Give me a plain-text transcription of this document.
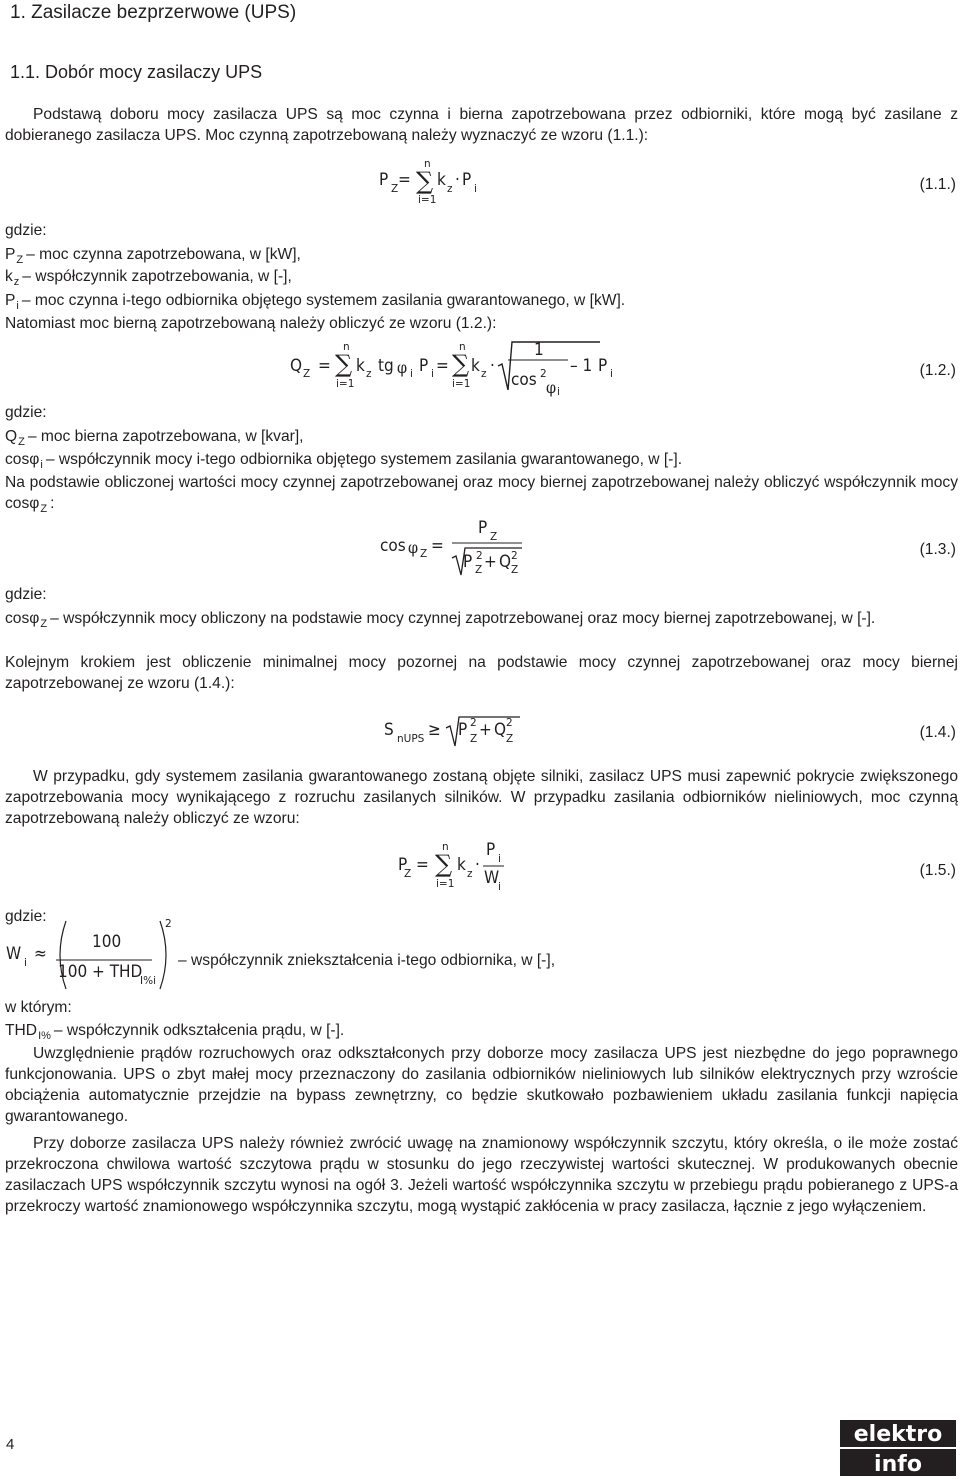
1. Zasilacze bezprzerwowe (UPS)
1.1. Dobór mocy zasilaczy UPS
Podstawą doboru mocy zasilacza UPS są moc czynna i bierna zapotrzebowana przez odbiorniki, które mogą być zasilane z dobieranego zasilacza UPS. Moc czynną zapotrzebowaną należy wyznaczyć ze wzoru (1.1.):
P Z =
n
∑
i=1
k z · P i	(1.1.)
gdzie:
$P_Z$ – moc czynna zapotrzebowana, w [kW],
$k_z$ – współczynnik zapotrzebowania, w [-],
$P_i$ – moc czynna i-tego odbiornika objętego systemem zasilania gwarantowanego, w [kW].
Natomiast moc bierną zapotrzebowaną należy obliczyć ze wzoru (1.2.):
Q Z =
n
∑
i=1
k z tg φ i P i =
n
∑
i=1
k z ·
1
cos 2
φ i
– 1 P i	(1.2.)
gdzie:
$Q_Z$ – moc bierna zapotrzebowana, w [kvar],
cosφ$_i$ – współczynnik mocy i-tego odbiornika objętego systemem zasilania gwarantowanego, w [-].
Na podstawie obliczonej wartości mocy czynnej zapotrzebowanej oraz mocy biernej zapotrzebowanej należy obliczyć współczynnik mocy cosφ$_Z$ :
cos φ Z =
P Z
P 2
Z + Q 2
Z
(1.3.)
gdzie:
cosφ$_Z$ – współczynnik mocy obliczony na podstawie mocy czynnej zapotrzebowanej oraz mocy biernej zapotrzebowanej, w [-].
Kolejnym krokiem jest obliczenie minimalnej mocy pozornej na podstawie mocy czynnej zapotrzebowanej oraz mocy biernej zapotrzebowanej ze wzoru (1.4.):
S nUPS ≥ P 2
Z + Q 2
Z	(1.4.)
W przypadku, gdy systemem zasilania gwarantowanego zostaną objęte silniki, zasilacz UPS musi zapewnić pokrycie zwiększonego zapotrzebowania mocy wynikającego z rozruchu zasilanych silników. W przypadku zasilania odbiorników nieliniowych, moc czynną zapotrzebowaną należy obliczyć ze wzoru:
P
Z =
n
∑
i=1
k z ·
P i
W
i
(1.5.)
gdzie:
W i ≈
100
100 + THD
I%i
2
– współczynnik zniekształcenia i-tego odbiornika, w [-],
w którym:
$THD_{I\%}$ – współczynnik odkształcenia prądu, w [-].
Uwzględnienie prądów rozruchowych oraz odkształconych przy doborze mocy zasilacza UPS jest niezbędne do jego poprawnego funkcjonowania. UPS o zbyt małej mocy przeznaczony do zasilania odbiorników nieliniowych lub silników elektrycznych przy wzroście obciążenia automatycznie przejdzie na bypass zewnętrzny, co będzie skutkowało pozbawieniem układu zasilania funkcji napięcia gwarantowanego.
Przy doborze zasilacza UPS należy również zwrócić uwagę na znamionowy współczynnik szczytu, który określa, o ile może zostać przekroczona chwilowa wartość szczytowa prądu w stosunku do jego rzeczywistej wartości skutecznej. W produkowanych obecnie zasilaczach UPS współczynnik szczytu wynosi na ogół 3. Jeżeli wartość współczynnika szczytu w przebiegu prądu pobieranego z UPS-a przekroczy wartość znamionowego współczynnika szczytu, mogą wystąpić zakłócenia w pracy zasilacza, łącznie z jego wyłączeniem.
4	elektro
info
